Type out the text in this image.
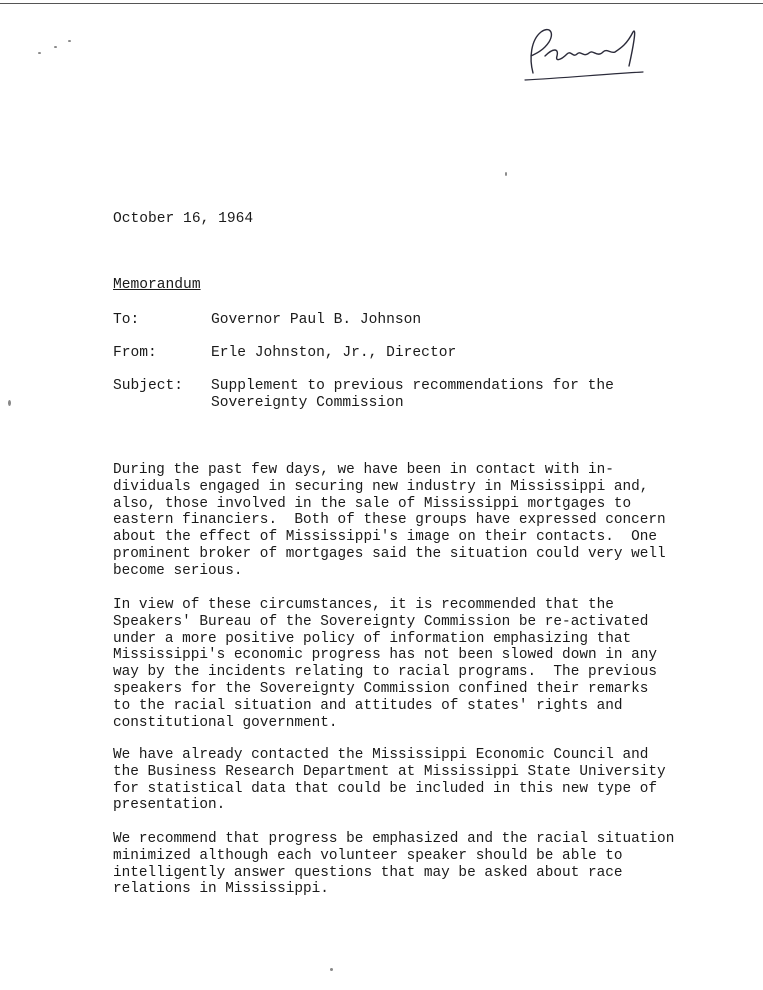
October 16, 1964
Memorandum
To:	Governor Paul B. Johnson
From:	Erle Johnston, Jr., Director
Subject: Supplement to previous recommendations for the
Sovereignty Commission

During the past few days, we have been in contact with in-
dividuals engaged in securing new industry in Mississippi and,
also, those involved in the sale of Mississippi mortgages to
eastern financiers.  Both of these groups have expressed concern
about the effect of Mississippi's image on their contacts.  One
prominent broker of mortgages said the situation could very well
become serious.

In view of these circumstances, it is recommended that the
Speakers' Bureau of the Sovereignty Commission be re-activated
under a more positive policy of information emphasizing that
Mississippi's economic progress has not been slowed down in any
way by the incidents relating to racial programs.  The previous
speakers for the Sovereignty Commission confined their remarks
to the racial situation and attitudes of states' rights and
constitutional government.

We have already contacted the Mississippi Economic Council and
the Business Research Department at Mississippi State University
for statistical data that could be included in this new type of
presentation.

We recommend that progress be emphasized and the racial situation
minimized although each volunteer speaker should be able to
intelligently answer questions that may be asked about race
relations in Mississippi.
